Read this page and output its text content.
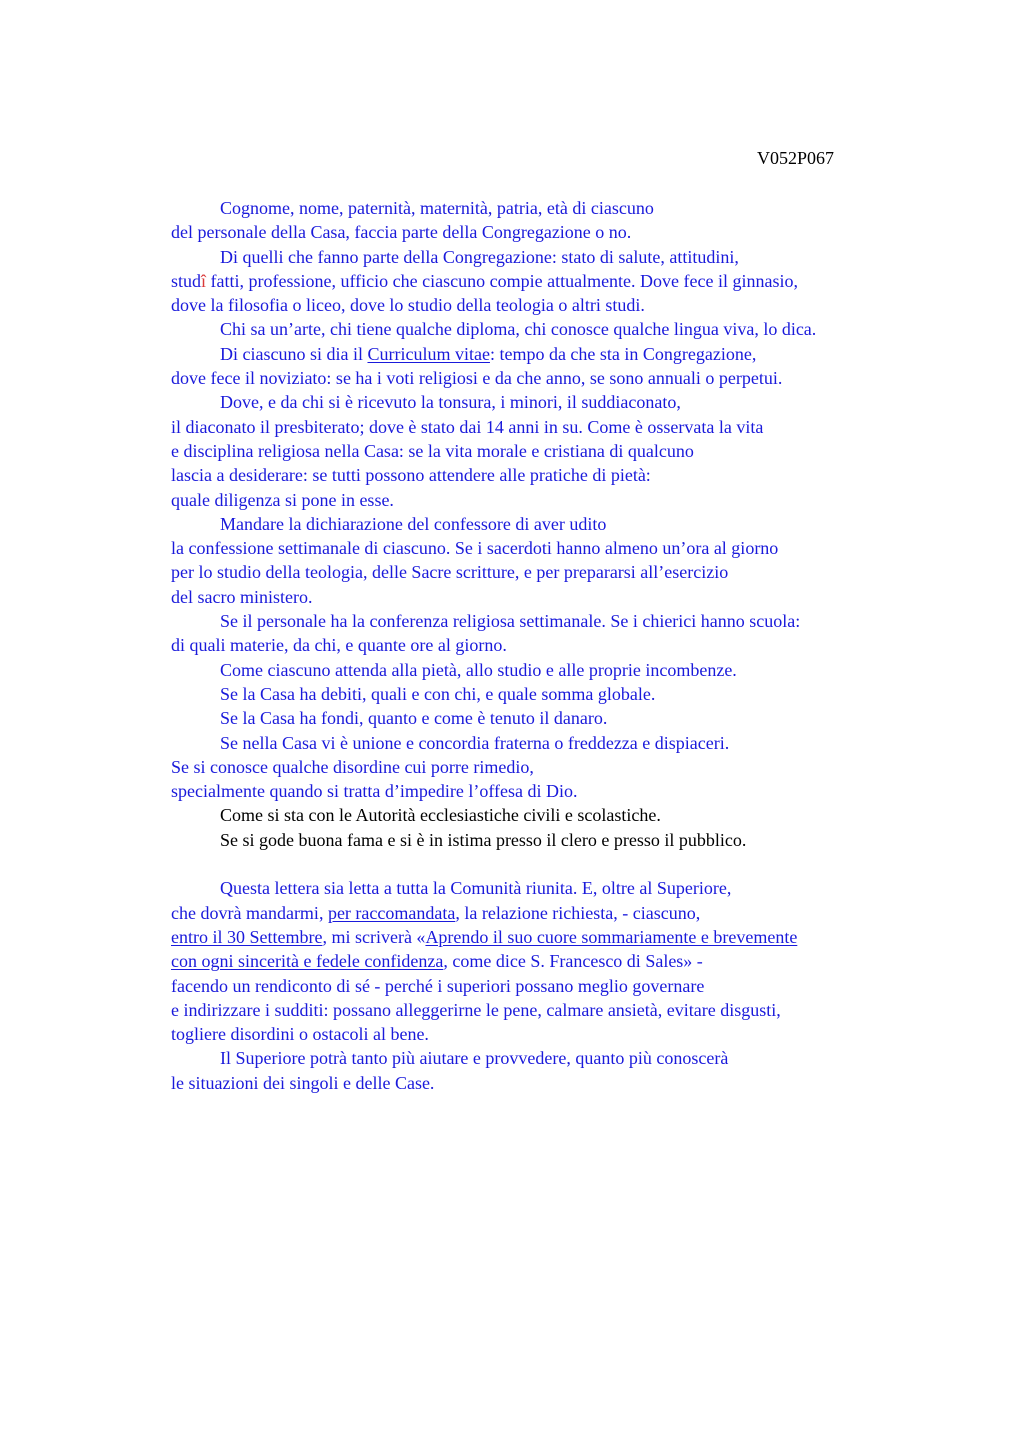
V052P067
Cognome, nome, paternità, maternità, patria, età di ciascuno
del personale della Casa, faccia parte della Congregazione o no.
Di quelli che fanno parte della Congregazione: stato di salute, attitudini,
studî fatti, professione, ufficio che ciascuno compie attualmente. Dove fece il ginnasio,
dove la filosofia o liceo, dove lo studio della teologia o altri studi.
Chi sa un’arte, chi tiene qualche diploma, chi conosce qualche lingua viva, lo dica.
Di ciascuno si dia il Curriculum vitae: tempo da che sta in Congregazione,
dove fece il noviziato: se ha i voti religiosi e da che anno, se sono annuali o perpetui.
Dove, e da chi si è ricevuto la tonsura, i minori, il suddiaconato,
il diaconato il presbiterato; dove è stato dai 14 anni in su. Come è osservata la vita
e disciplina religiosa nella Casa: se la vita morale e cristiana di qualcuno
lascia a desiderare: se tutti possono attendere alle pratiche di pietà:
quale diligenza si pone in esse.
Mandare la dichiarazione del confessore di aver udito
la confessione settimanale di ciascuno. Se i sacerdoti hanno almeno un’ora al giorno
per lo studio della teologia, delle Sacre scritture, e per prepararsi all’esercizio
del sacro ministero.
Se il personale ha la conferenza religiosa settimanale. Se i chierici hanno scuola:
di quali materie, da chi, e quante ore al giorno.
Come ciascuno attenda alla pietà, allo studio e alle proprie incombenze.
Se la Casa ha debiti, quali e con chi, e quale somma globale.
Se la Casa ha fondi, quanto e come è tenuto il danaro.
Se nella Casa vi è unione e concordia fraterna o freddezza e dispiaceri.
Se si conosce qualche disordine cui porre rimedio,
specialmente quando si tratta d’impedire l’offesa di Dio.
Come si sta con le Autorità ecclesiastiche civili e scolastiche.
Se si gode buona fama e si è in istima presso il clero e presso il pubblico.
Questa lettera sia letta a tutta la Comunità riunita. E, oltre al Superiore,
che dovrà mandarmi, per raccomandata, la relazione richiesta, - ciascuno,
entro il 30 Settembre, mi scriverà «Aprendo il suo cuore sommariamente e brevemente
con ogni sincerità e fedele confidenza, come dice S. Francesco di Sales» -
facendo un rendiconto di sé - perché i superiori possano meglio governare
e indirizzare i sudditi: possano alleggerirne le pene, calmare ansietà, evitare disgusti,
togliere disordini o ostacoli al bene.
Il Superiore potrà tanto più aiutare e provvedere, quanto più conoscerà
le situazioni dei singoli e delle Case.
